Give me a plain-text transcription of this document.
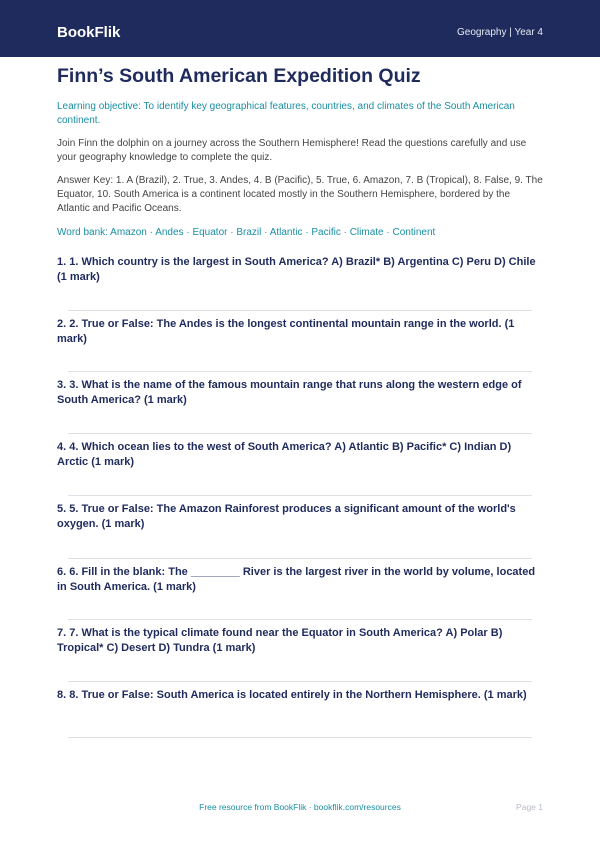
BookFlik	Geography | Year 4
Finn’s South American Expedition Quiz
Learning objective: To identify key geographical features, countries, and climates of the South American continent.
Join Finn the dolphin on a journey across the Southern Hemisphere! Read the questions carefully and use your geography knowledge to complete the quiz.
Answer Key: 1. A (Brazil), 2. True, 3. Andes, 4. B (Pacific), 5. True, 6. Amazon, 7. B (Tropical), 8. False, 9. The Equator, 10. South America is a continent located mostly in the Southern Hemisphere, bordered by the Atlantic and Pacific Oceans.
Word bank: Amazon · Andes · Equator · Brazil · Atlantic · Pacific · Climate · Continent
1. 1. Which country is the largest in South America? A) Brazil* B) Argentina C) Peru D) Chile (1 mark)
2. 2. True or False: The Andes is the longest continental mountain range in the world. (1 mark)
3. 3. What is the name of the famous mountain range that runs along the western edge of South America? (1 mark)
4. 4. Which ocean lies to the west of South America? A) Atlantic B) Pacific* C) Indian D) Arctic (1 mark)
5. 5. True or False: The Amazon Rainforest produces a significant amount of the world's oxygen. (1 mark)
6. 6. Fill in the blank: The ________ River is the largest river in the world by volume, located in South America. (1 mark)
7. 7. What is the typical climate found near the Equator in South America? A) Polar B) Tropical* C) Desert D) Tundra (1 mark)
8. 8. True or False: South America is located entirely in the Northern Hemisphere. (1 mark)
Free resource from BookFlik · bookflik.com/resources	Page 1
